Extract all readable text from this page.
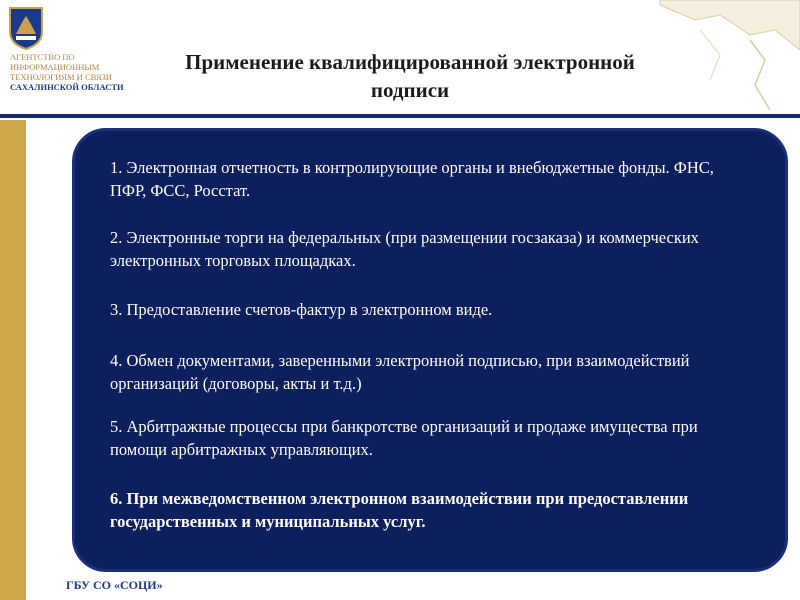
АГЕНТСТВО ПО ИНФОРМАЦИОННЫМ ТЕХНОЛОГИЯМ И СВЯЗИ
САХАЛИНСКОЙ ОБЛАСТИ
Применение квалифицированной электронной подписи
1. Электронная отчетность в контролирующие органы и внебюджетные фонды. ФНС, ПФР, ФСС, Росстат.
2. Электронные торги на федеральных (при размещении госзаказа) и коммерческих электронных торговых площадках.
3. Предоставление счетов-фактур в электронном виде.
4. Обмен документами, заверенными электронной подписью, при взаимодействий организаций (договоры, акты и т.д.)
5. Арбитражные процессы при банкротстве организаций и продаже имущества при помощи арбитражных управляющих.
6. При межведомственном электронном взаимодействии при предоставлении государственных и муниципальных услуг.
ГБУ СО «СОЦИ»
